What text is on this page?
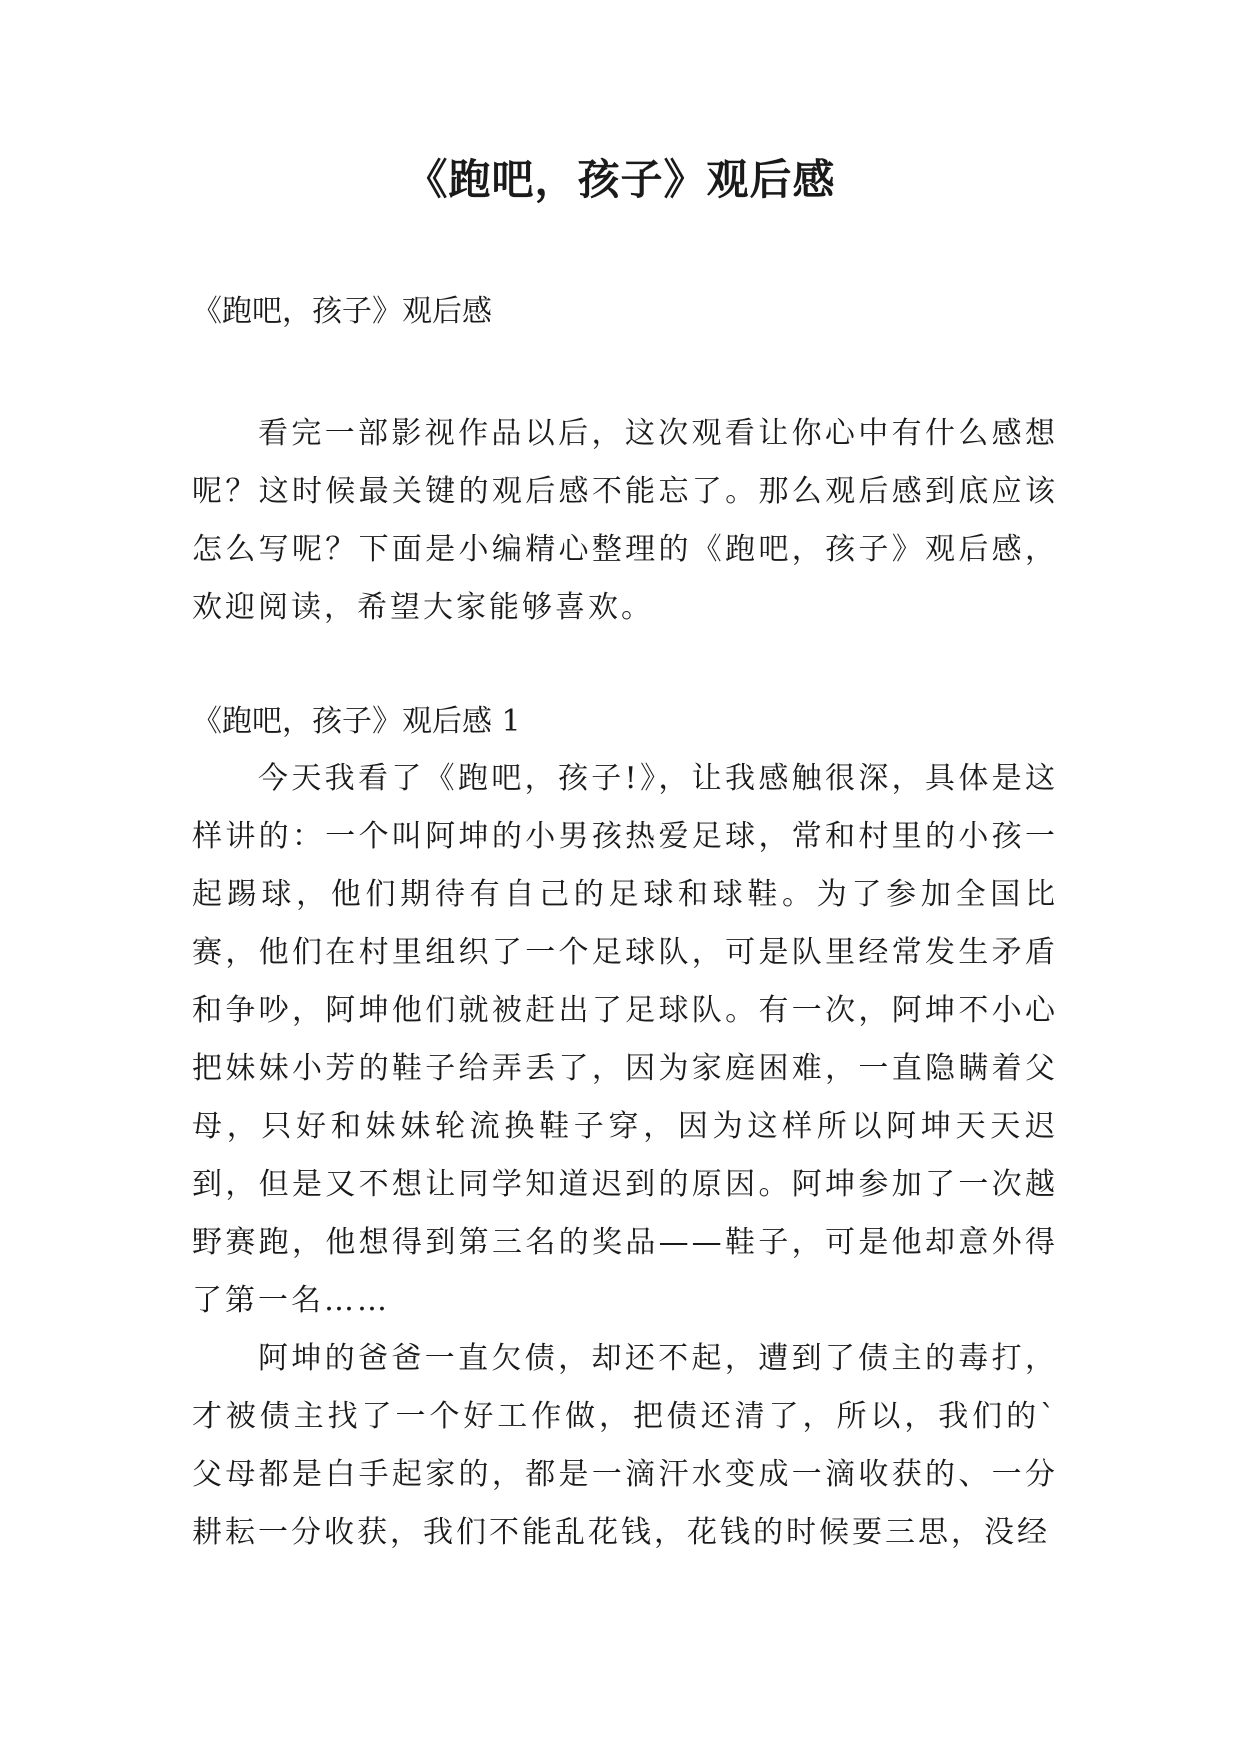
《跑吧，孩子》观后感

《跑吧，孩子》观后感

看完一部影视作品以后，这次观看让你心中有什么感想呢？这时候最关键的观后感不能忘了。那么观后感到底应该怎么写呢？下面是小编精心整理的《跑吧，孩子》观后感，欢迎阅读，希望大家能够喜欢。

《跑吧，孩子》观后感 1

今天我看了《跑吧，孩子!》，让我感触很深，具体是这样讲的：一个叫阿坤的小男孩热爱足球，常和村里的小孩一起踢球，他们期待有自己的足球和球鞋。为了参加全国比赛，他们在村里组织了一个足球队，可是队里经常发生矛盾和争吵，阿坤他们就被赶出了足球队。有一次，阿坤不小心把妹妹小芳的鞋子给弄丢了，因为家庭困难，一直隐瞒着父母，只好和妹妹轮流换鞋子穿，因为这样所以阿坤天天迟到，但是又不想让同学知道迟到的原因。阿坤参加了一次越野赛跑，他想得到第三名的奖品——鞋子，可是他却意外得了第一名……

阿坤的爸爸一直欠债，却还不起，遭到了债主的毒打，才被债主找了一个好工作做，把债还清了，所以，我们的`父母都是白手起家的，都是一滴汗水变成一滴收获的、一分耕耘一分收获，我们不能乱花钱，花钱的时候要三思，没经
